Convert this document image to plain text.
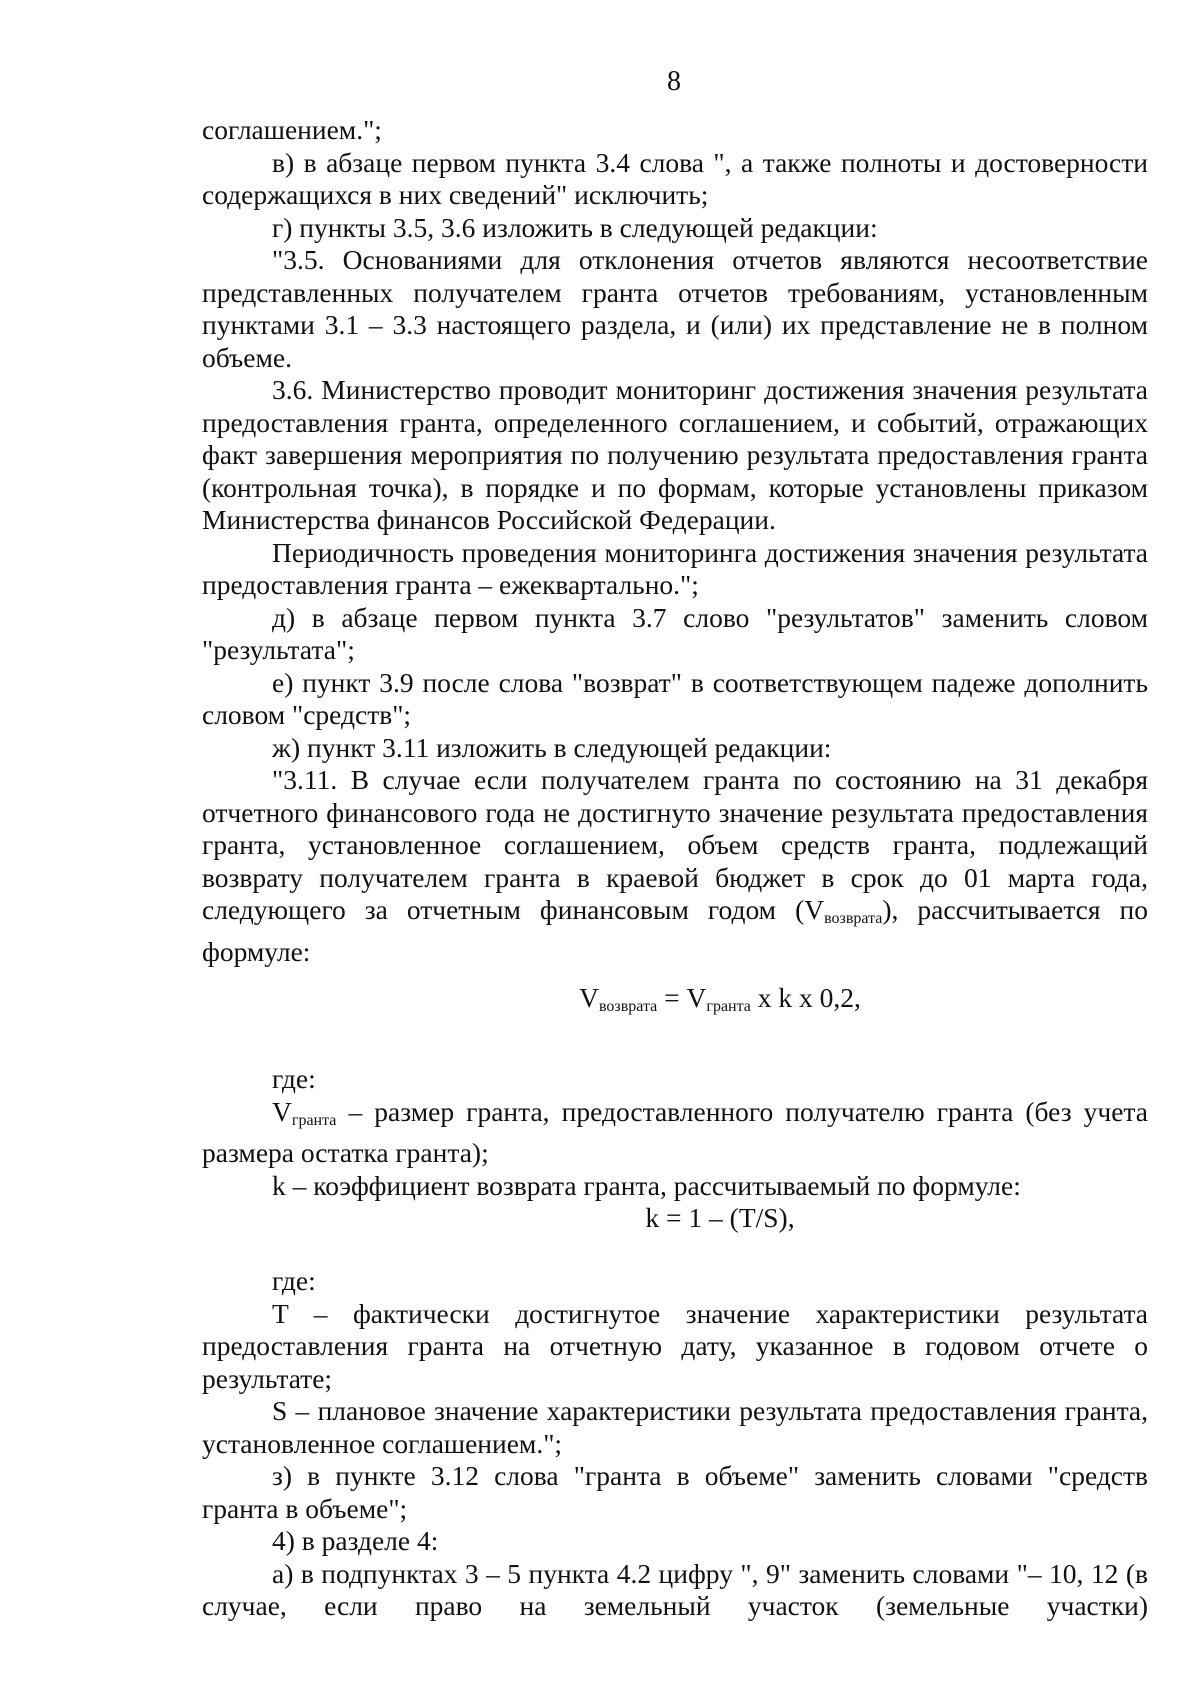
8

соглашением.";

в) в абзаце первом пункта 3.4 слова ", а также полноты и достоверности содержащихся в них сведений" исключить;

г) пункты 3.5, 3.6 изложить в следующей редакции:

"3.5. Основаниями для отклонения отчетов являются несоответствие представленных получателем гранта отчетов требованиям, установленным пунктами 3.1 – 3.3 настоящего раздела, и (или) их представление не в полном объеме.

3.6. Министерство проводит мониторинг достижения значения результата предоставления гранта, определенного соглашением, и событий, отражающих факт завершения мероприятия по получению результата предоставления гранта (контрольная точка), в порядке и по формам, которые установлены приказом Министерства финансов Российской Федерации.

Периодичность проведения мониторинга достижения значения результата предоставления гранта – ежеквартально.";

д) в абзаце первом пункта 3.7 слово "результатов" заменить словом "результата";

е) пункт 3.9 после слова "возврат" в соответствующем падеже дополнить словом "средств";

ж) пункт 3.11 изложить в следующей редакции:

"3.11. В случае если получателем гранта по состоянию на 31 декабря отчетного финансового года не достигнуто значение результата предоставления гранта, установленное соглашением, объем средств гранта, подлежащий возврату получателем гранта в краевой бюджет в срок до 01 марта года, следующего за отчетным финансовым годом $(V_{возврата})$, рассчитывается по формуле:

$V_{возврата} = V_{гранта}$ x k x 0,2,

где:

$V_{гранта}$ – размер гранта, предоставленного получателю гранта (без учета размера остатка гранта);

k – коэффициент возврата гранта, рассчитываемый по формуле:

k = 1 – (T/S),

где:

T – фактически достигнутое значение характеристики результата предоставления гранта на отчетную дату, указанное в годовом отчете о результате;

S – плановое значение характеристики результата предоставления гранта, установленное соглашением.";

з) в пункте 3.12 слова "гранта в объеме" заменить словами "средств гранта в объеме";

4) в разделе 4:

а) в подпунктах 3 – 5 пункта 4.2 цифру ", 9" заменить словами "– 10, 12 (в случае, если право на земельный участок (земельные участки)
